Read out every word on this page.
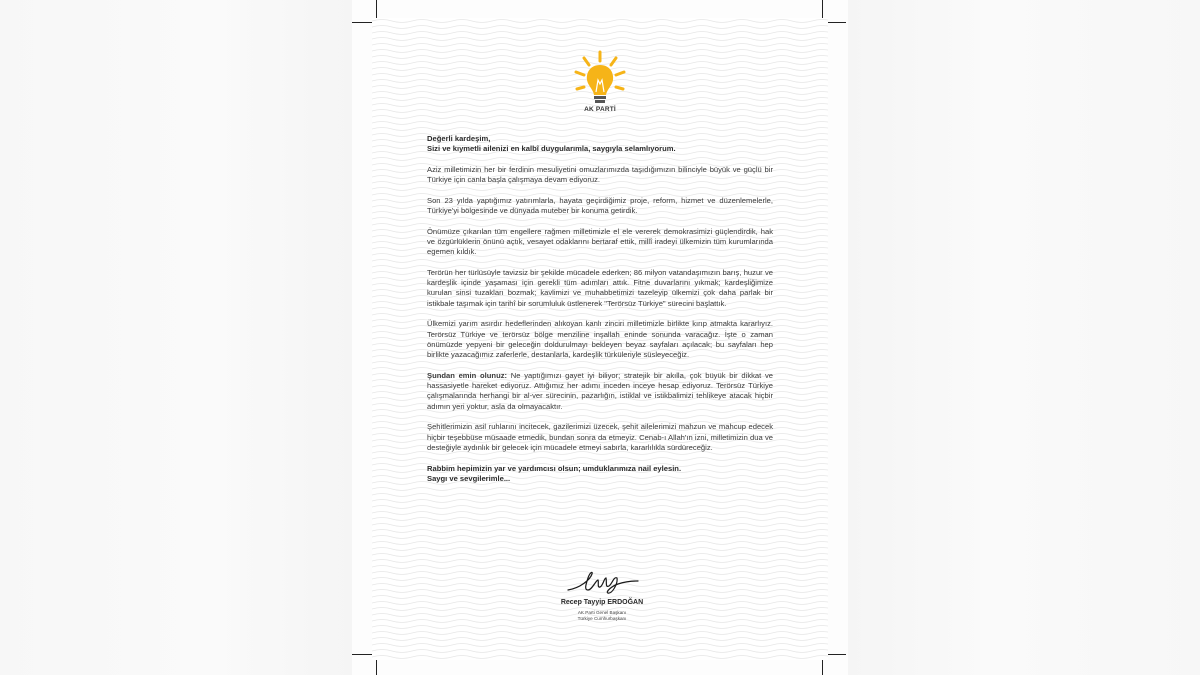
AK PARTİ

Değerli kardeşim,
Sizi ve kıymetli ailenizi en kalbî duygularımla, saygıyla selamlıyorum.

Aziz milletimizin her bir ferdinin mesuliyetini omuzlarımızda taşıdığımızın bilinciyle büyük ve güçlü bir Türkiye için canla başla çalışmaya devam ediyoruz.

Son 23 yılda yaptığımız yatırımlarla, hayata geçirdiğimiz proje, reform, hizmet ve düzenlemelerle, Türkiye'yi bölgesinde ve dünyada muteber bir konuma getirdik.

Önümüze çıkarılan tüm engellere rağmen milletimizle el ele vererek demokrasimizi güçlendirdik, hak ve özgürlüklerin önünü açtık, vesayet odaklarını bertaraf ettik, millî iradeyi ülkemizin tüm kurumlarında egemen kıldık.

Terörün her türlüsüyle tavizsiz bir şekilde mücadele ederken; 86 milyon vatandaşımızın barış, huzur ve kardeşlik içinde yaşaması için gerekli tüm adımları attık. Fitne duvarlarını yıkmak; kardeşliğimize kurulan sinsi tuzakları bozmak; kavlimizi ve muhabbetimizi tazeleyip ülkemizi çok daha parlak bir istikbale taşımak için tarihî bir sorumluluk üstlenerek "Terörsüz Türkiye" sürecini başlattık.

Ülkemizi yarım asırdır hedeflerinden alıkoyan kanlı zinciri milletimizle birlikte kırıp atmakta kararlıyız. Terörsüz Türkiye ve terörsüz bölge menziline inşallah eninde sonunda varacağız. İşte o zaman önümüzde yepyeni bir geleceğin doldurulmayı bekleyen beyaz sayfaları açılacak; bu sayfaları hep birlikte yazacağımız zaferlerle, destanlarla, kardeşlik türküleriyle süsleyeceğiz.

Şundan emin olunuz: Ne yaptığımızı gayet iyi biliyor; stratejik bir akılla, çok büyük bir dikkat ve hassasiyetle hareket ediyoruz. Attığımız her adımı inceden inceye hesap ediyoruz. Terörsüz Türkiye çalışmalarında herhangi bir al-ver sürecinin, pazarlığın, istiklal ve istikbalimizi tehlikeye atacak hiçbir adımın yeri yoktur, asla da olmayacaktır.

Şehitlerimizin asil ruhlarını incitecek, gazilerimizi üzecek, şehit ailelerimizi mahzun ve mahcup edecek hiçbir teşebbüse müsaade etmedik, bundan sonra da etmeyiz. Cenab-ı Allah'ın izni, milletimizin dua ve desteğiyle aydınlık bir gelecek için mücadele etmeyi sabırla, kararlılıkla sürdüreceğiz.

Rabbim hepimizin yar ve yardımcısı olsun; umduklarımıza nail eylesin.
Saygı ve sevgilerimle...

Recep Tayyip ERDOĞAN
AK Parti Genel Başkanı
Türkiye Cumhurbaşkanı
